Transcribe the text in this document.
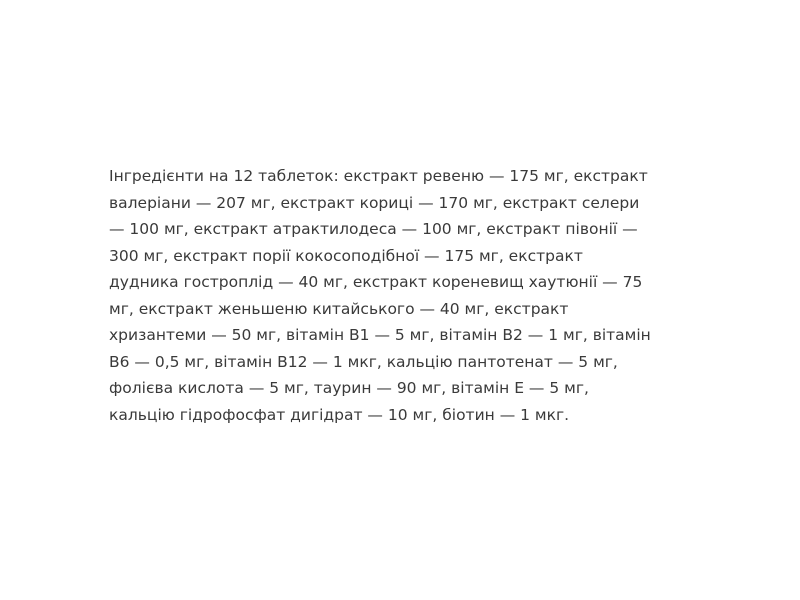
Інгредієнти на 12 таблеток: екстракт ревеню — 175 мг, екстракт
валеріани — 207 мг, екстракт кориці — 170 мг, екстракт селери
— 100 мг, екстракт атрактилодеса — 100 мг, екстракт півонії —
300 мг, екстракт порії кокосоподібної — 175 мг, екстракт
дудника гостроплід — 40 мг, екстракт кореневищ хаутюнії — 75
мг, екстракт женьшеню китайського — 40 мг, екстракт
хризантеми — 50 мг, вітамін В1 — 5 мг, вітамін В2 — 1 мг, вітамін
В6 — 0,5 мг, вітамін В12 — 1 мкг, кальцію пантотенат — 5 мг,
фолієва кислота — 5 мг, таурин — 90 мг, вітамін Е — 5 мг,
кальцію гідрофосфат дигідрат — 10 мг, біотин — 1 мкг.
